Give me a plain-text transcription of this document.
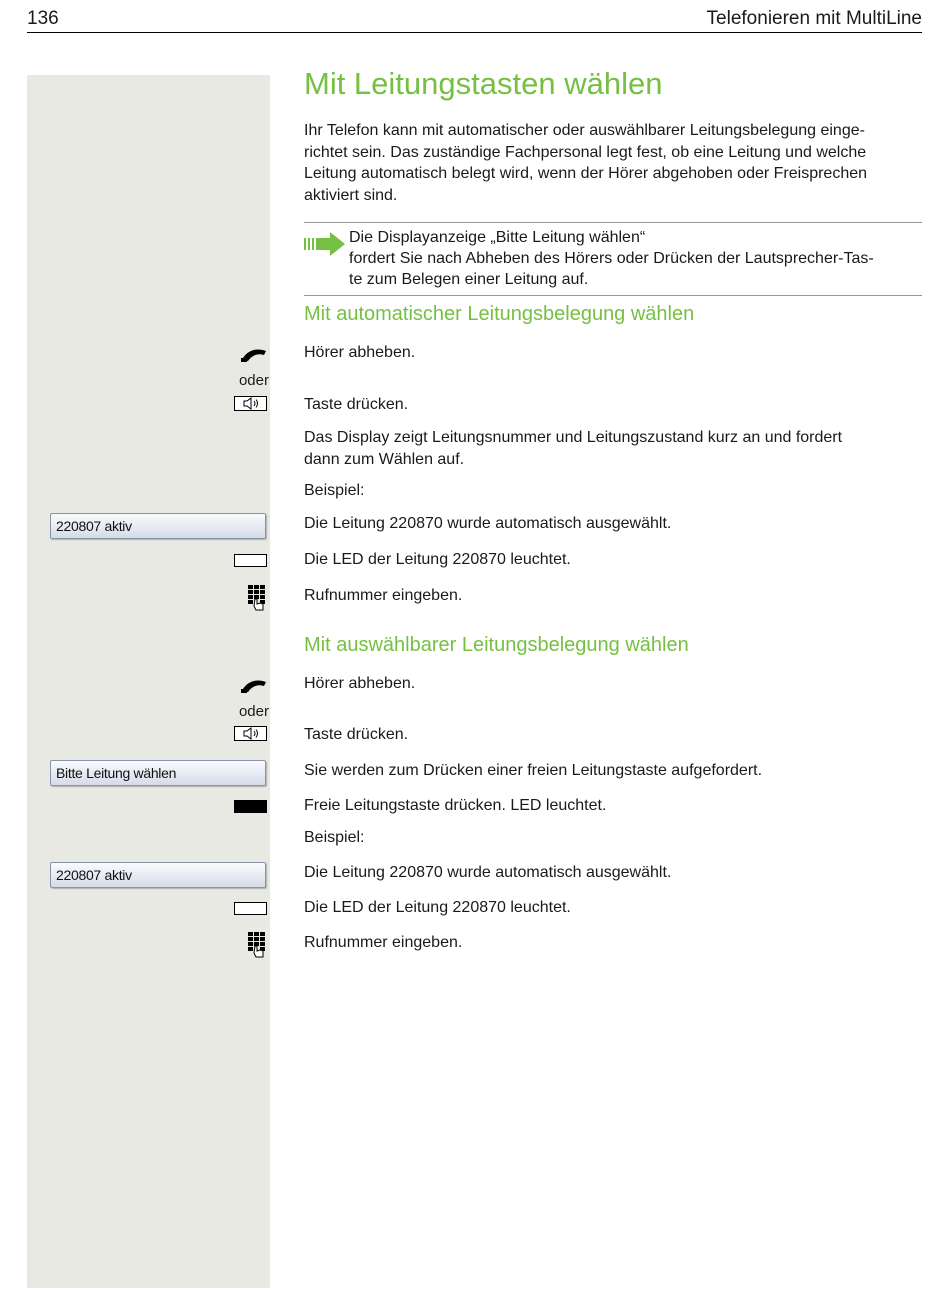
136	Telefonieren mit MultiLine
Mit Leitungstasten wählen
Ihr Telefon kann mit automatischer oder auswählbarer Leitungsbelegung einge-
richtet sein. Das zuständige Fachpersonal legt fest, ob eine Leitung und welche
Leitung automatisch belegt wird, wenn der Hörer abgehoben oder Freisprechen
aktiviert sind.
Die Displayanzeige „Bitte Leitung wählen“
fordert Sie nach Abheben des Hörers oder Drücken der Lautsprecher-Tas-
te zum Belegen einer Leitung auf.
Mit automatischer Leitungsbelegung wählen
Hörer abheben.
oder
Taste drücken.
Das Display zeigt Leitungsnummer und Leitungszustand kurz an und fordert
dann zum Wählen auf.
Beispiel:
220807 aktiv	Die Leitung 220870 wurde automatisch ausgewählt.
Die LED der Leitung 220870 leuchtet.
Rufnummer eingeben.
Mit auswählbarer Leitungsbelegung wählen
Hörer abheben.
oder
Taste drücken.
Bitte Leitung wählen	Sie werden zum Drücken einer freien Leitungstaste aufgefordert.
Freie Leitungstaste drücken. LED leuchtet.
Beispiel:
220807 aktiv	Die Leitung 220870 wurde automatisch ausgewählt.
Die LED der Leitung 220870 leuchtet.
Rufnummer eingeben.
